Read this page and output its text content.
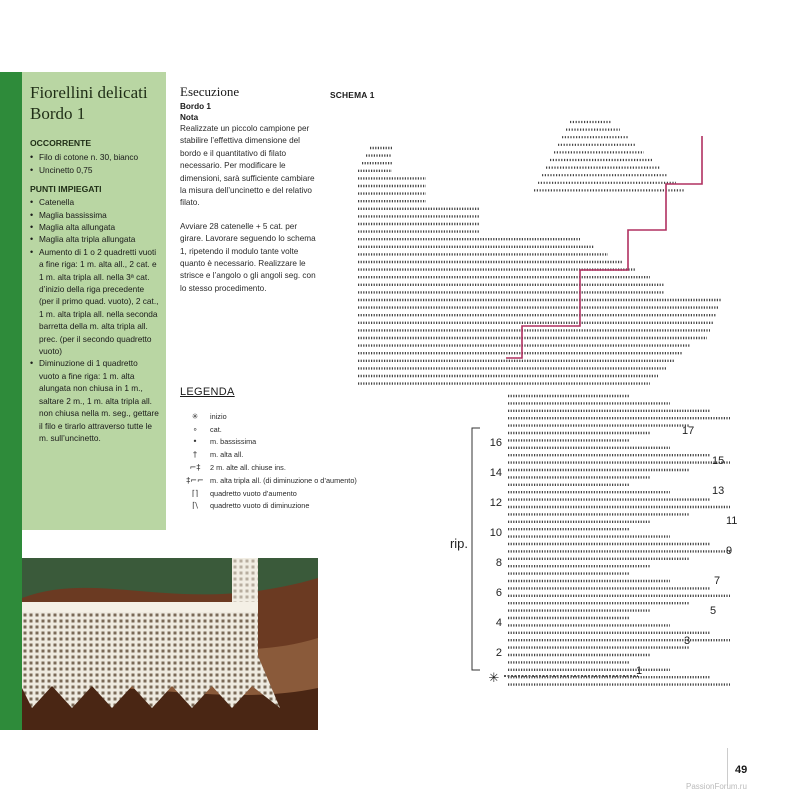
Fiorellini delicati
Bordo 1
OCCORRENTE
• Filo di cotone n. 30, bianco
• Uncinetto 0,75
PUNTI IMPIEGATI
• Catenella
• Maglia bassissima
• Maglia alta allungata
• Maglia alta tripla allungata
• Aumento di 1 o 2 quadretti vuoti a fine riga: 1 m. alta all., 2 cat. e 1 m. alta tripla all. nella 3ª cat. d’inizio della riga precedente (per il primo quad. vuoto), 2 cat., 1 m. alta tripla all. nella seconda barretta della m. alta tripla all. prec. (per il secondo quadretto vuoto)
• Diminuzione di 1 quadretto vuoto a fine riga: 1 m. alta alungata non chiusa in 1 m., saltare 2 m., 1 m. alta tripla all. non chiusa nella m. seg., gettare il filo e tirarlo attraverso tutte le m. sull’uncinetto.
Esecuzione
Bordo 1
Nota

Realizzate un piccolo campione per stabilire l’effettiva dimensione del bordo e il quantitativo di filato necessario. Per modificare le dimensioni, sarà sufficiente cambiare la misura dell’uncinetto e del relativo filato.

Avviare 28 catenelle + 5 cat. per girare. Lavorare seguendo lo schema 1, ripetendo il modulo tante volte quanto è necessario. Realizzare le strisce e l’angolo o gli angoli seg. con lo stesso procedimento.

LEGENDA
✳	inizio
∘	cat.
•	m. bassissima
†	m. alta all.
⌐‡	2 m. alte all. chiuse ins.
‡⌐⌐ m. alta tripla all. (di diminuzione o d’aumento)
⌈⌉	quadretto vuoto d’aumento
⌈\	quadretto vuoto di diminuzione
SCHEMA 1
2
4
6
8
10
12
14
16
1
3
5
7
9
11
13
15
17
rip.
✳
49
PassionForum.ru
